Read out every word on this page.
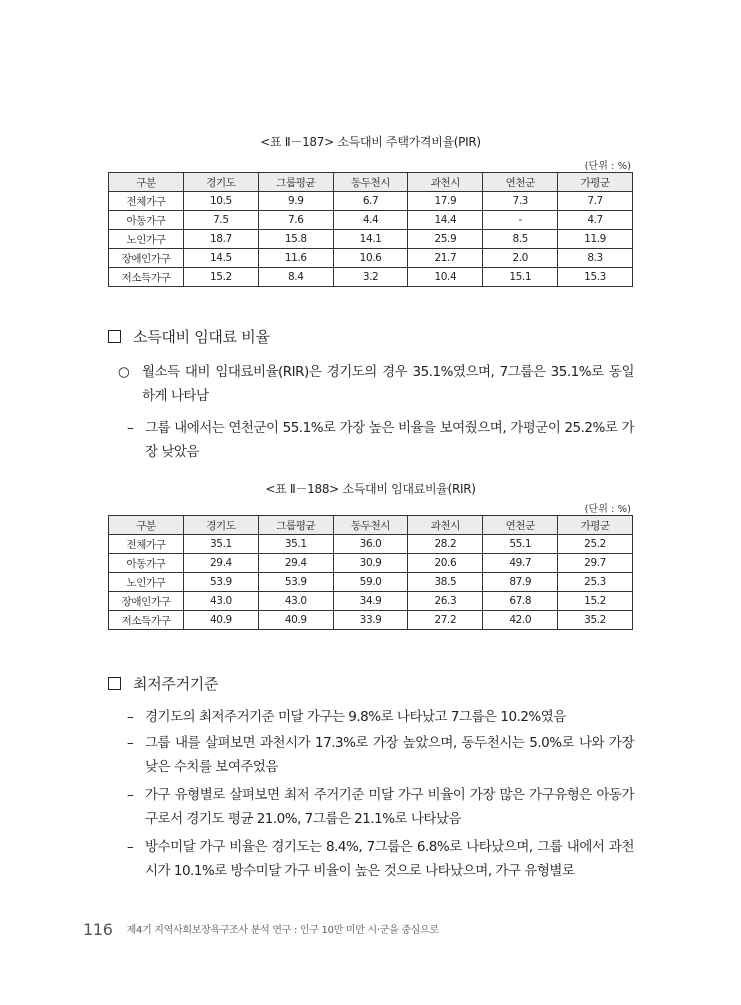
<표 Ⅱ－187> 소득대비 주택가격비율(PIR)
(단위 : %)
구분	경기도	그룹평균	동두천시	과천시	연천군	가평군
전체가구	10.5	9.9	6.7	17.9	7.3	7.7
아동가구	7.5	7.6	4.4	14.4	-	4.7
노인가구	18.7	15.8	14.1	25.9	8.5	11.9
장애인가구	14.5	11.6	10.6	21.7	2.0	8.3
저소득가구	15.2	8.4	3.2	10.4	15.1	15.3
소득대비 임대료 비율
○ 월소득 대비 임대료비율(RIR)은 경기도의 경우 35.1%였으며, 7그룹은 35.1%로 동일하게 나타남
– 그룹 내에서는 연천군이 55.1%로 가장 높은 비율을 보여줬으며, 가평군이 25.2%로 가장 낮았음
<표 Ⅱ－188> 소득대비 임대료비율(RIR)
(단위 : %)
구분	경기도	그룹평균	동두천시	과천시	연천군	가평군
전체가구	35.1	35.1	36.0	28.2	55.1	25.2
아동가구	29.4	29.4	30.9	20.6	49.7	29.7
노인가구	53.9	53.9	59.0	38.5	87.9	25.3
장애인가구	43.0	43.0	34.9	26.3	67.8	15.2
저소득가구	40.9	40.9	33.9	27.2	42.0	35.2
최저주거기준
– 경기도의 최저주거기준 미달 가구는 9.8%로 나타났고 7그룹은 10.2%였음
– 그룹 내를 살펴보면 과천시가 17.3%로 가장 높았으며, 동두천시는 5.0%로 나와 가장 낮은 수치를 보여주었음
– 가구 유형별로 살펴보면 최저 주거기준 미달 가구 비율이 가장 많은 가구유형은 아동가구로서 경기도 평균 21.0%, 7그룹은 21.1%로 나타났음
– 방수미달 가구 비율은 경기도는 8.4%, 7그룹은 6.8%로 나타났으며, 그룹 내에서 과천시가 10.1%로 방수미달 가구 비율이 높은 것으로 나타났으며, 가구 유형별로
116 제4기 지역사회보장욕구조사 분석 연구 : 인구 10만 미만 시·군을 중심으로
